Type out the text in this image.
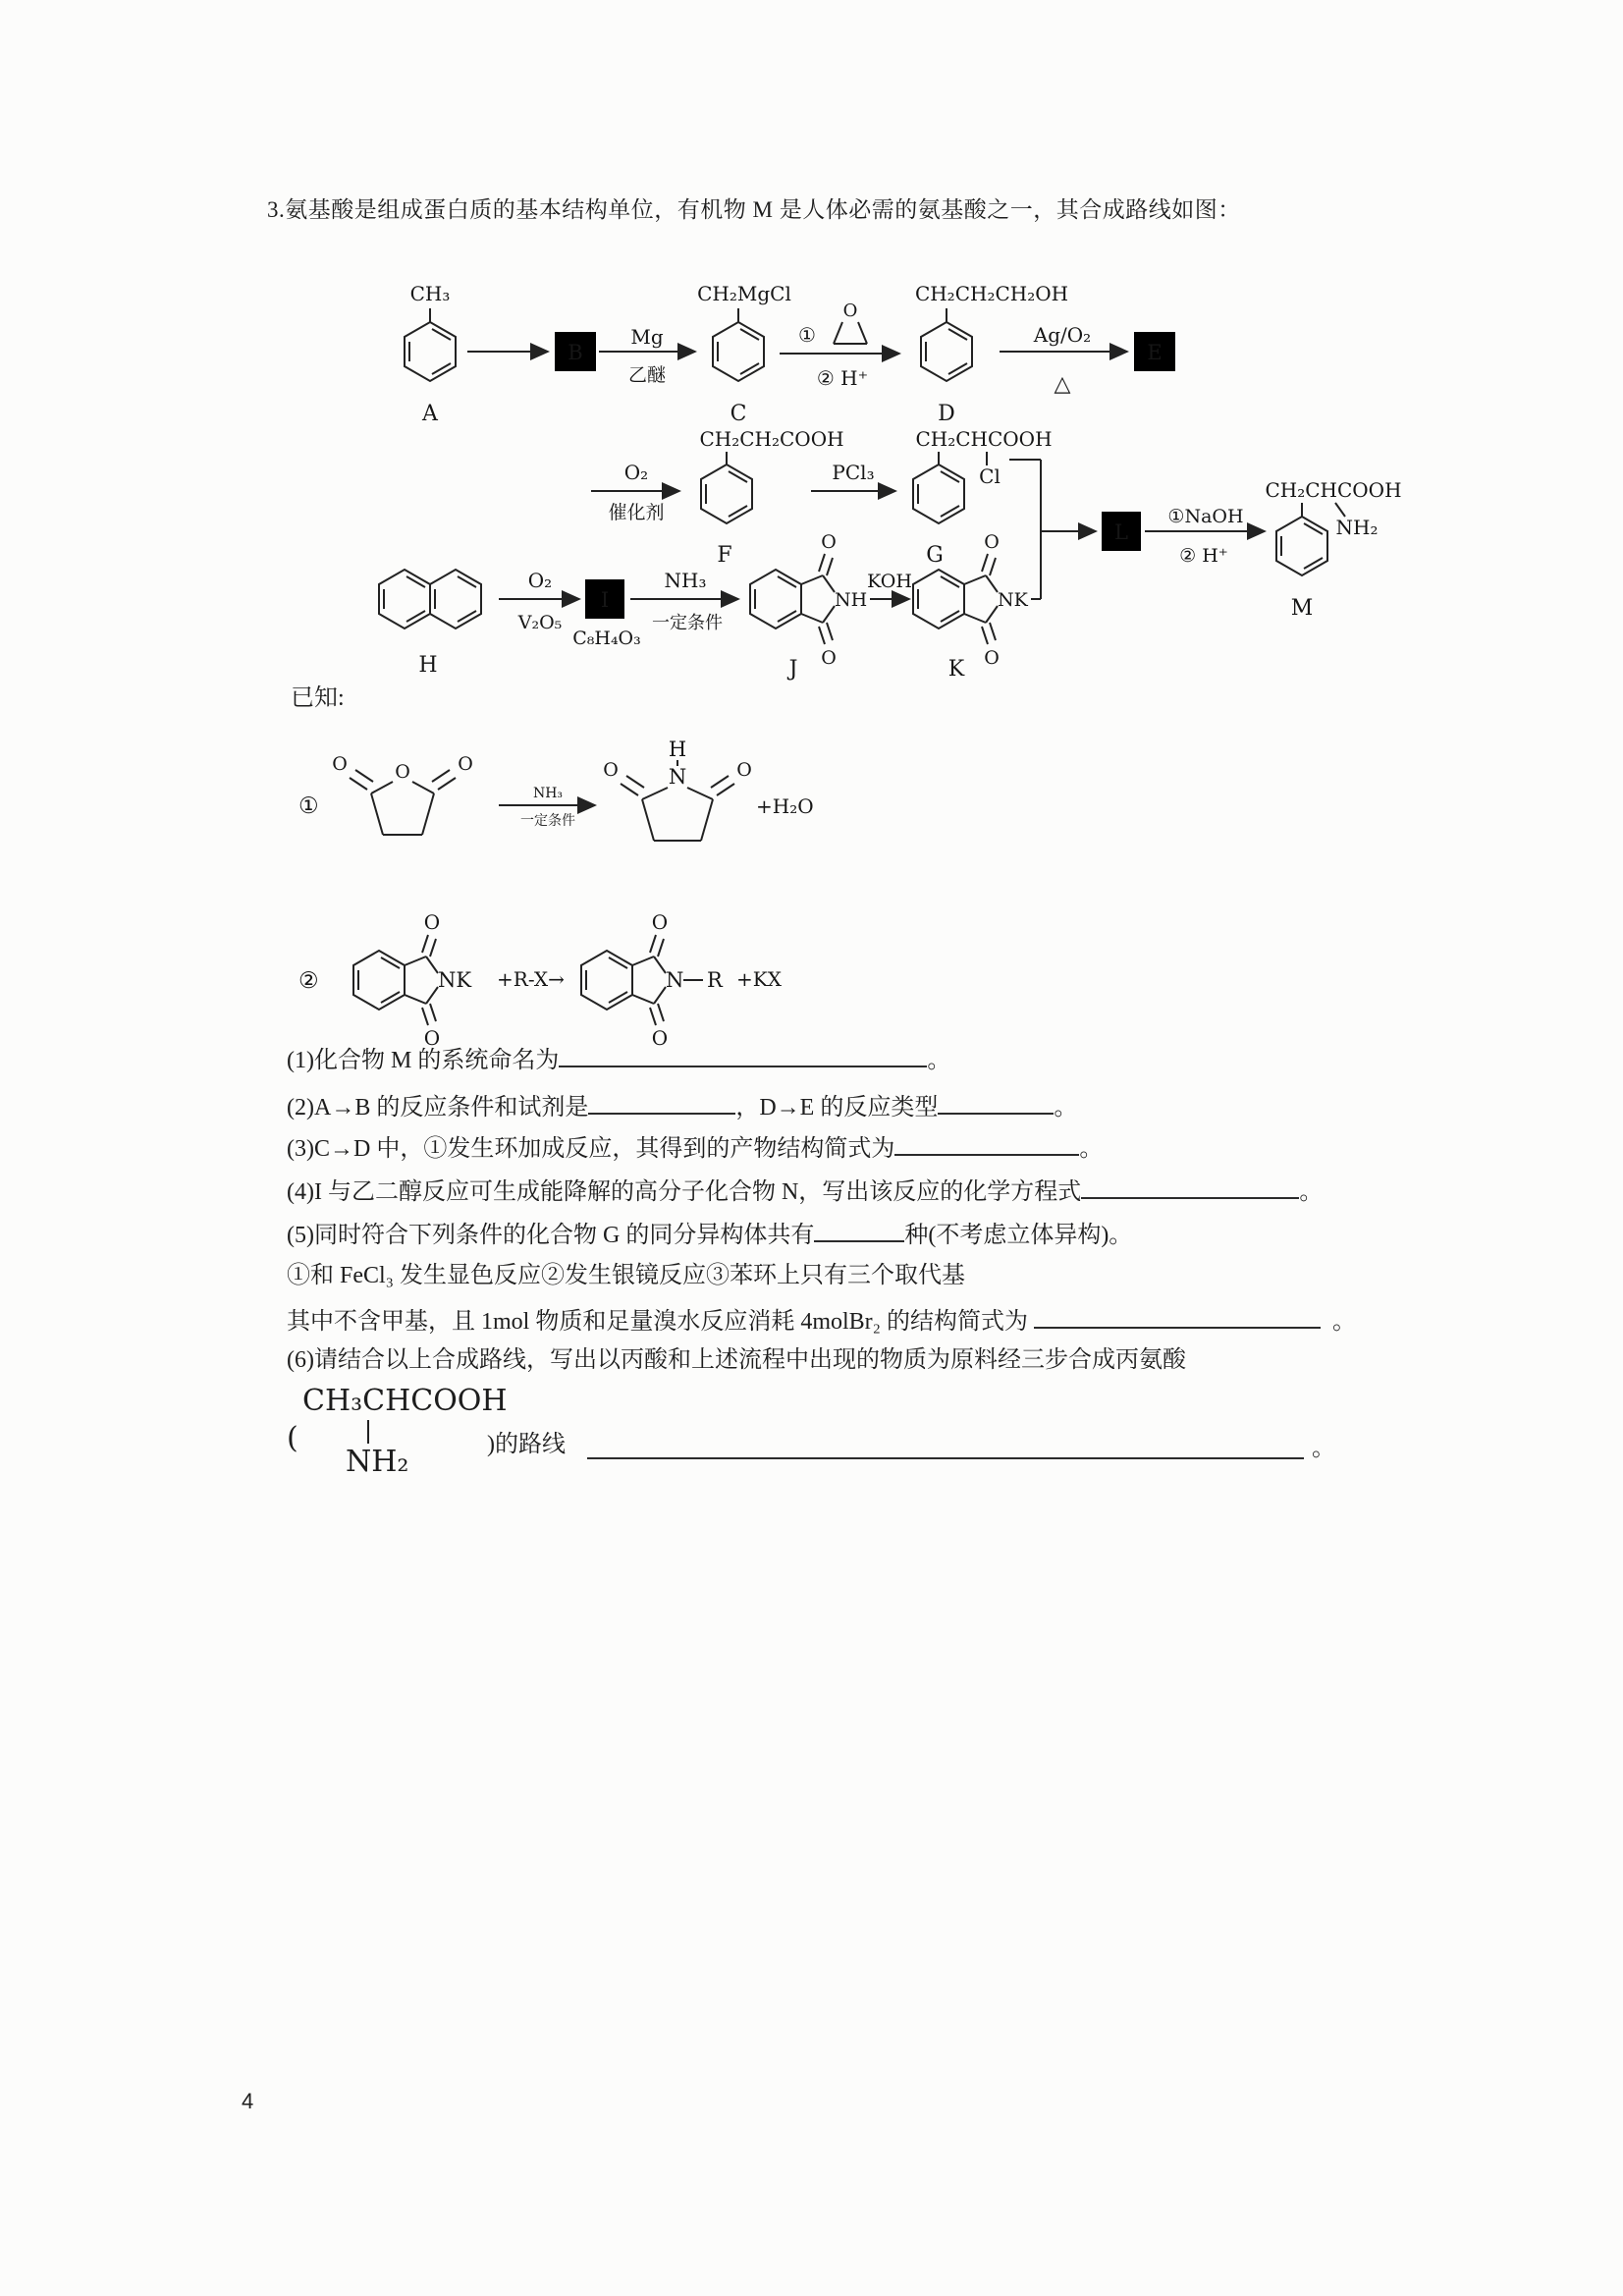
3.氨基酸是组成蛋白质的基本结构单位，有机物 M 是人体必需的氨基酸之一，其合成路线如图：
CH₃
A
B
Mg
乙醚
CH₂MgCl
C
①
O
② H⁺
CH₂CH₂CH₂OH
D
Ag/O₂
△
E
O₂
催化剂
CH₂CH₂COOH
F
PCl₃
CH₂CHCOOH
Cl
G
L
①NaOH
② H⁺
CH₂CHCOOH
NH₂
M
H
O₂
V₂O₅
I
C₈H₄O₃
NH₃
一定条件
O
O
NH
J
KOH
O
O
NK
K
已知:
①
O
O	O
NH₃
一定条件
H
N
O	O
+H₂O
②
O
O
NK +R-X→
O
O
N R +KX
(1)化合物 M 的系统命名为	。
(2)A→B 的反应条件和试剂是	，D→E 的反应类型	。
(3)C→D 中，①发生环加成反应，其得到的产物结构简式为	。
(4)I 与乙二醇反应可生成能降解的高分子化合物 N，写出该反应的化学方程式	。
(5)同时符合下列条件的化合物 G 的同分异构体共有	种(不考虑立体异构)。
①和 FeCl₃ 发生显色反应②发生银镜反应③苯环上只有三个取代基
其中不含甲基，且 1mol 物质和足量溴水反应消耗 4molBr₂ 的结构简式为	。
(6)请结合以上合成路线，写出以丙酸和上述流程中出现的物质为原料经三步合成丙氨酸
CH₃CHCOOH
(
NH₂	)的路线	。
4
